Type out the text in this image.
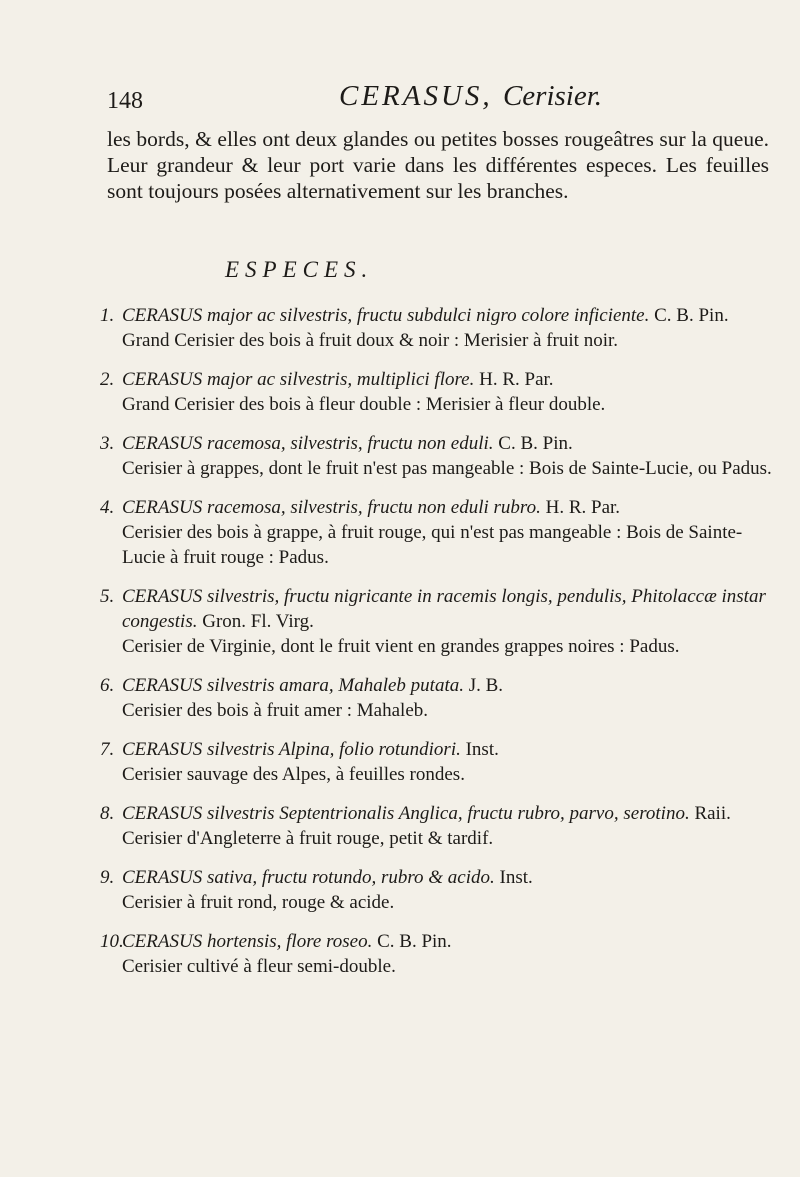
148	CERASUS, Cerisier.
les bords, & elles ont deux glandes ou petites bosses rougeâtres sur la queue. Leur grandeur & leur port varie dans les différentes especes. Les feuilles sont toujours posées alternativement sur les branches.
ESPECES.
1. CERASUS major ac silvestris, fructu subdulci nigro colore inficiente. C. B. Pin.
Grand Cerisier des bois à fruit doux & noir : Merisier à fruit noir.
2. CERASUS major ac silvestris, multiplici flore. H. R. Par.
Grand Cerisier des bois à fleur double : Merisier à fleur double.
3. CERASUS racemosa, silvestris, fructu non eduli. C. B. Pin.
Cerisier à grappes, dont le fruit n'est pas mangeable : Bois de Sainte-Lucie, ou Padus.
4. CERASUS racemosa, silvestris, fructu non eduli rubro. H. R. Par.
Cerisier des bois à grappe, à fruit rouge, qui n'est pas mangeable : Bois de Sainte-Lucie à fruit rouge : Padus.
5. CERASUS silvestris, fructu nigricante in racemis longis, pendulis, Phitolaccæ instar congestis. Gron. Fl. Virg.
Cerisier de Virginie, dont le fruit vient en grandes grappes noires : Padus.
6. CERASUS silvestris amara, Mahaleb putata. J. B.
Cerisier des bois à fruit amer : Mahaleb.
7. CERASUS silvestris Alpina, folio rotundiori. Inst.
Cerisier sauvage des Alpes, à feuilles rondes.
8. CERASUS silvestris Septentrionalis Anglica, fructu rubro, parvo, serotino. Raii.
Cerisier d'Angleterre à fruit rouge, petit & tardif.
9. CERASUS sativa, fructu rotundo, rubro & acido. Inst.
Cerisier à fruit rond, rouge & acide.
10.
CERASUS hortensis, flore roseo. C. B. Pin.
Cerisier cultivé à fleur semi-double.
